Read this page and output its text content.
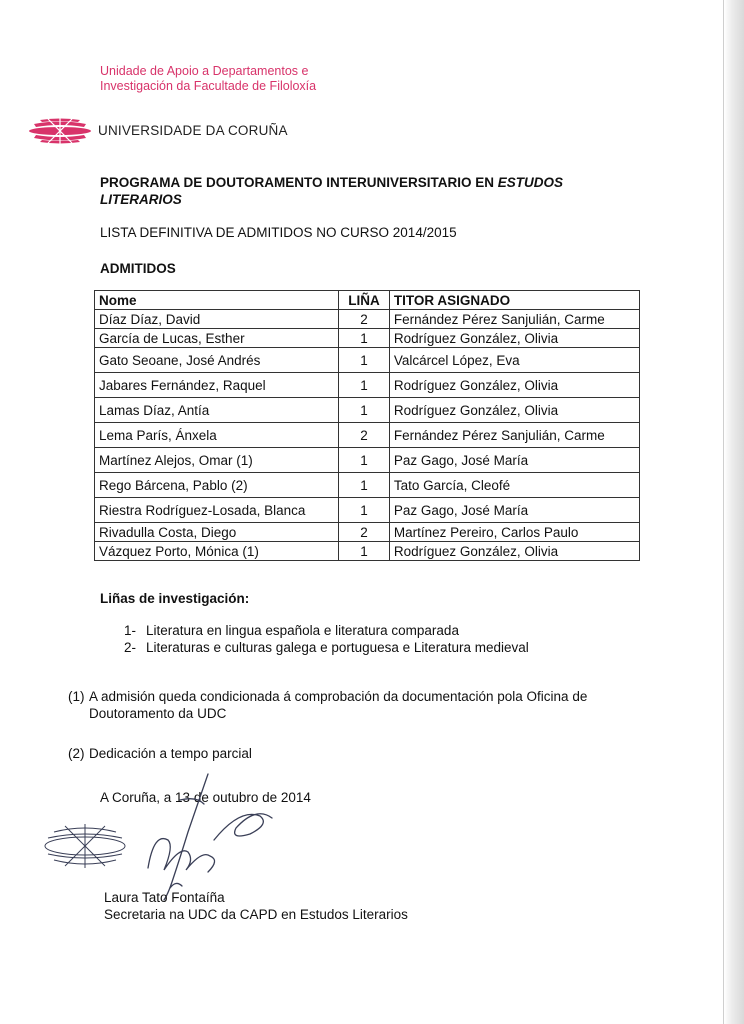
Unidade de Apoio a Departamentos e
Investigación da Facultade de Filoloxía
UNIVERSIDADE DA CORUÑA
PROGRAMA DE DOUTORAMENTO INTERUNIVERSITARIO EN ESTUDOS LITERARIOS
LISTA DEFINITIVA DE ADMITIDOS NO CURSO 2014/2015
ADMITIDOS
Nome	LIÑA	TITOR ASIGNADO
Díaz Díaz, David	2	Fernández Pérez Sanjulián, Carme
García de Lucas, Esther	1	Rodríguez González, Olivia
Gato Seoane, José Andrés	1	Valcárcel López, Eva
Jabares Fernández, Raquel	1	Rodríguez González, Olivia
Lamas Díaz, Antía	1	Rodríguez González, Olivia
Lema París, Ánxela	2	Fernández Pérez Sanjulián, Carme
Martínez Alejos, Omar (1)	1	Paz Gago, José María
Rego Bárcena, Pablo (2)	1	Tato García, Cleofé
Riestra Rodríguez-Losada, Blanca	1	Paz Gago, José María
Rivadulla Costa, Diego	2	Martínez Pereiro, Carlos Paulo
Vázquez Porto, Mónica (1)	1	Rodríguez González, Olivia
Liñas de investigación:
1- Literatura en lingua española e literatura comparada
2- Literaturas e culturas galega e portuguesa e Literatura medieval
(1) A admisión queda condicionada á comprobación da documentación pola Oficina de Doutoramento da UDC
(2) Dedicación a tempo parcial
A Coruña, a 13 de outubro de 2014
Laura Tato Fontaíña
Secretaria na UDC da CAPD en Estudos Literarios
